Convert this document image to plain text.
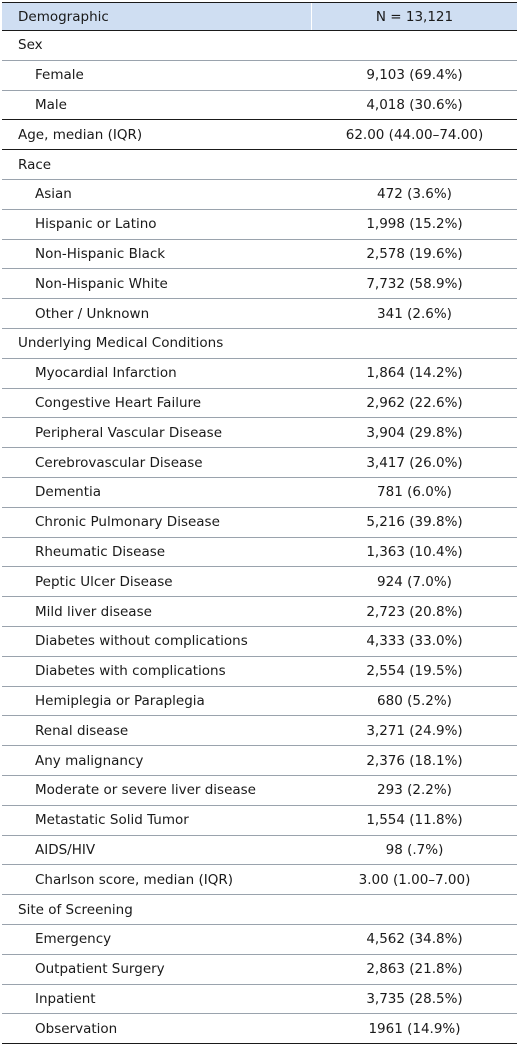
Demographic	N = 13,121
Sex
Female	9,103 (69.4%)
Male	4,018 (30.6%)
Age, median (IQR)	62.00 (44.00–74.00)
Race
Asian	472 (3.6%)
Hispanic or Latino	1,998 (15.2%)
Non-Hispanic Black	2,578 (19.6%)
Non-Hispanic White	7,732 (58.9%)
Other / Unknown	341 (2.6%)
Underlying Medical Conditions
Myocardial Infarction	1,864 (14.2%)
Congestive Heart Failure	2,962 (22.6%)
Peripheral Vascular Disease	3,904 (29.8%)
Cerebrovascular Disease	3,417 (26.0%)
Dementia	781 (6.0%)
Chronic Pulmonary Disease	5,216 (39.8%)
Rheumatic Disease	1,363 (10.4%)
Peptic Ulcer Disease	924 (7.0%)
Mild liver disease	2,723 (20.8%)
Diabetes without complications	4,333 (33.0%)
Diabetes with complications	2,554 (19.5%)
Hemiplegia or Paraplegia	680 (5.2%)
Renal disease	3,271 (24.9%)
Any malignancy	2,376 (18.1%)
Moderate or severe liver disease	293 (2.2%)
Metastatic Solid Tumor	1,554 (11.8%)
AIDS/HIV	98 (.7%)
Charlson score, median (IQR)	3.00 (1.00–7.00)
Site of Screening
Emergency	4,562 (34.8%)
Outpatient Surgery	2,863 (21.8%)
Inpatient	3,735 (28.5%)
Observation	1961 (14.9%)
